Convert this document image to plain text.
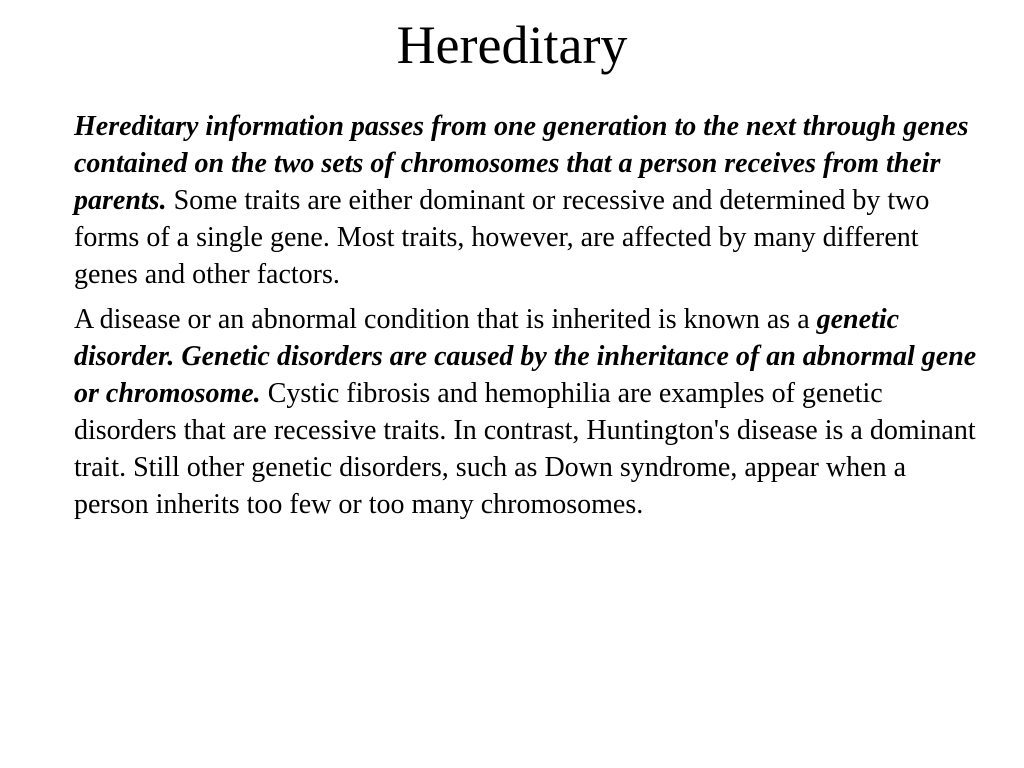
Hereditary

Hereditary information passes from one generation to the next through genes contained on the two sets of chromosomes that a person receives from their parents. Some traits are either dominant or recessive and determined by two forms of a single gene. Most traits, however, are affected by many different genes and other factors.

A disease or an abnormal condition that is inherited is known as a genetic disorder. Genetic disorders are caused by the inheritance of an abnormal gene or chromosome. Cystic fibrosis and hemophilia are examples of genetic disorders that are recessive traits. In contrast, Huntington's disease is a dominant trait. Still other genetic disorders, such as Down syndrome, appear when a person inherits too few or too many chromosomes.
